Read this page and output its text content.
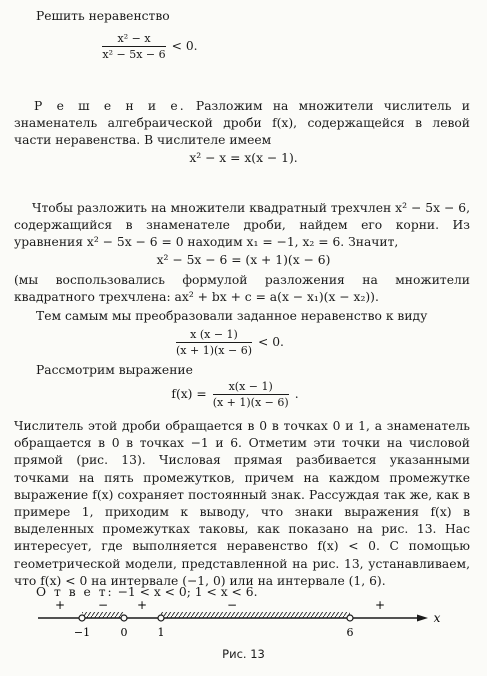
Решить неравенство
$\frac{\text{x² − x}}{\text{x² − 5x − 6}} < 0$.
Р е ш е н и е. Разложим на множители числитель и знаменатель алгебраической дроби f(x), содержащейся в левой части неравенства. В числителе имеем
x² − x = x(x − 1).
Чтобы разложить на множители квадратный трехчлен x² − 5x − 6, содержащийся в знаменателе дроби, найдем его корни. Из уравнения x² − 5x − 6 = 0 находим x₁ = −1, x₂ = 6. Значит,
x² − 5x − 6 = (x + 1)(x − 6)
(мы воспользовались формулой разложения на множители квадратного трехчлена: ax² + bx + c = a(x − x₁)(x − x₂)).
Тем самым мы преобразовали заданное неравенство к виду
$\frac{x (x - 1)}{(x + 1)(x - 6)} < 0$.
Рассмотрим выражение
$f(x) = \frac{x(x - 1)}{(x + 1)(x - 6)}$ .
Числитель этой дроби обращается в 0 в точках 0 и 1, а знаменатель обращается в 0 в точках −1 и 6. Отметим эти точки на числовой прямой (рис. 13). Числовая прямая разбивается указанными точками на пять промежутков, причем на каждом промежутке выражение f(x) сохраняет постоянный знак. Рассуждая так же, как в примере 1, приходим к выводу, что знаки выражения f(x) в выделенных промежутках таковы, как показано на рис. 13. Нас интересует, где выполняется неравенство f(x) < 0. С помощью геометрической модели, представленной на рис. 13, устанавливаем, что f(x) < 0 на интервале (−1, 0) или на интервале (1, 6).
О т в е т: −1 < x < 0; 1 < x < 6.
+	− +	−	+
−1	0	1	6
x
Рис. 13
